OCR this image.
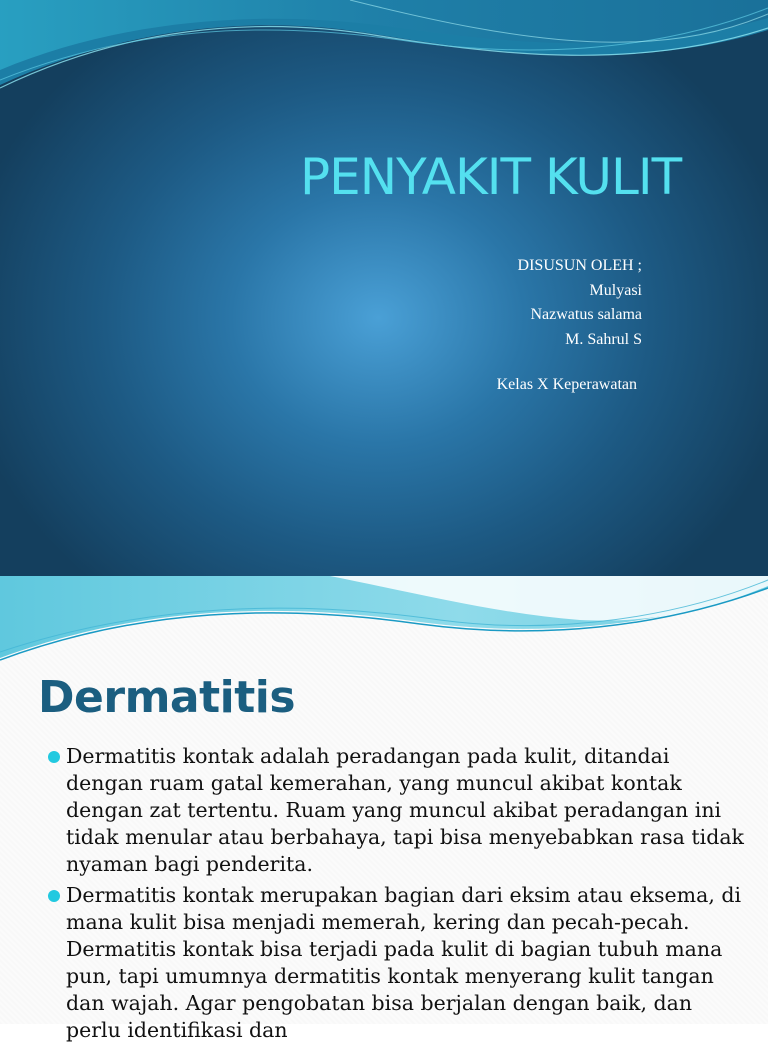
PENYAKIT KULIT
DISUSUN OLEH ;
Mulyasi
Nazwatus salama
M. Sahrul S
Kelas X Keperawatan
Dermatitis
Dermatitis kontak adalah peradangan pada kulit, ditandai dengan ruam gatal kemerahan, yang muncul akibat kontak dengan zat tertentu. Ruam yang muncul akibat peradangan ini tidak menular atau berbahaya, tapi bisa menyebabkan rasa tidak nyaman bagi penderita.
Dermatitis kontak merupakan bagian dari eksim atau eksema, di mana kulit bisa menjadi memerah, kering dan pecah-pecah. Dermatitis kontak bisa terjadi pada kulit di bagian tubuh mana pun, tapi umumnya dermatitis kontak menyerang kulit tangan dan wajah. Agar pengobatan bisa berjalan dengan baik, dan perlu identifikasi dan
